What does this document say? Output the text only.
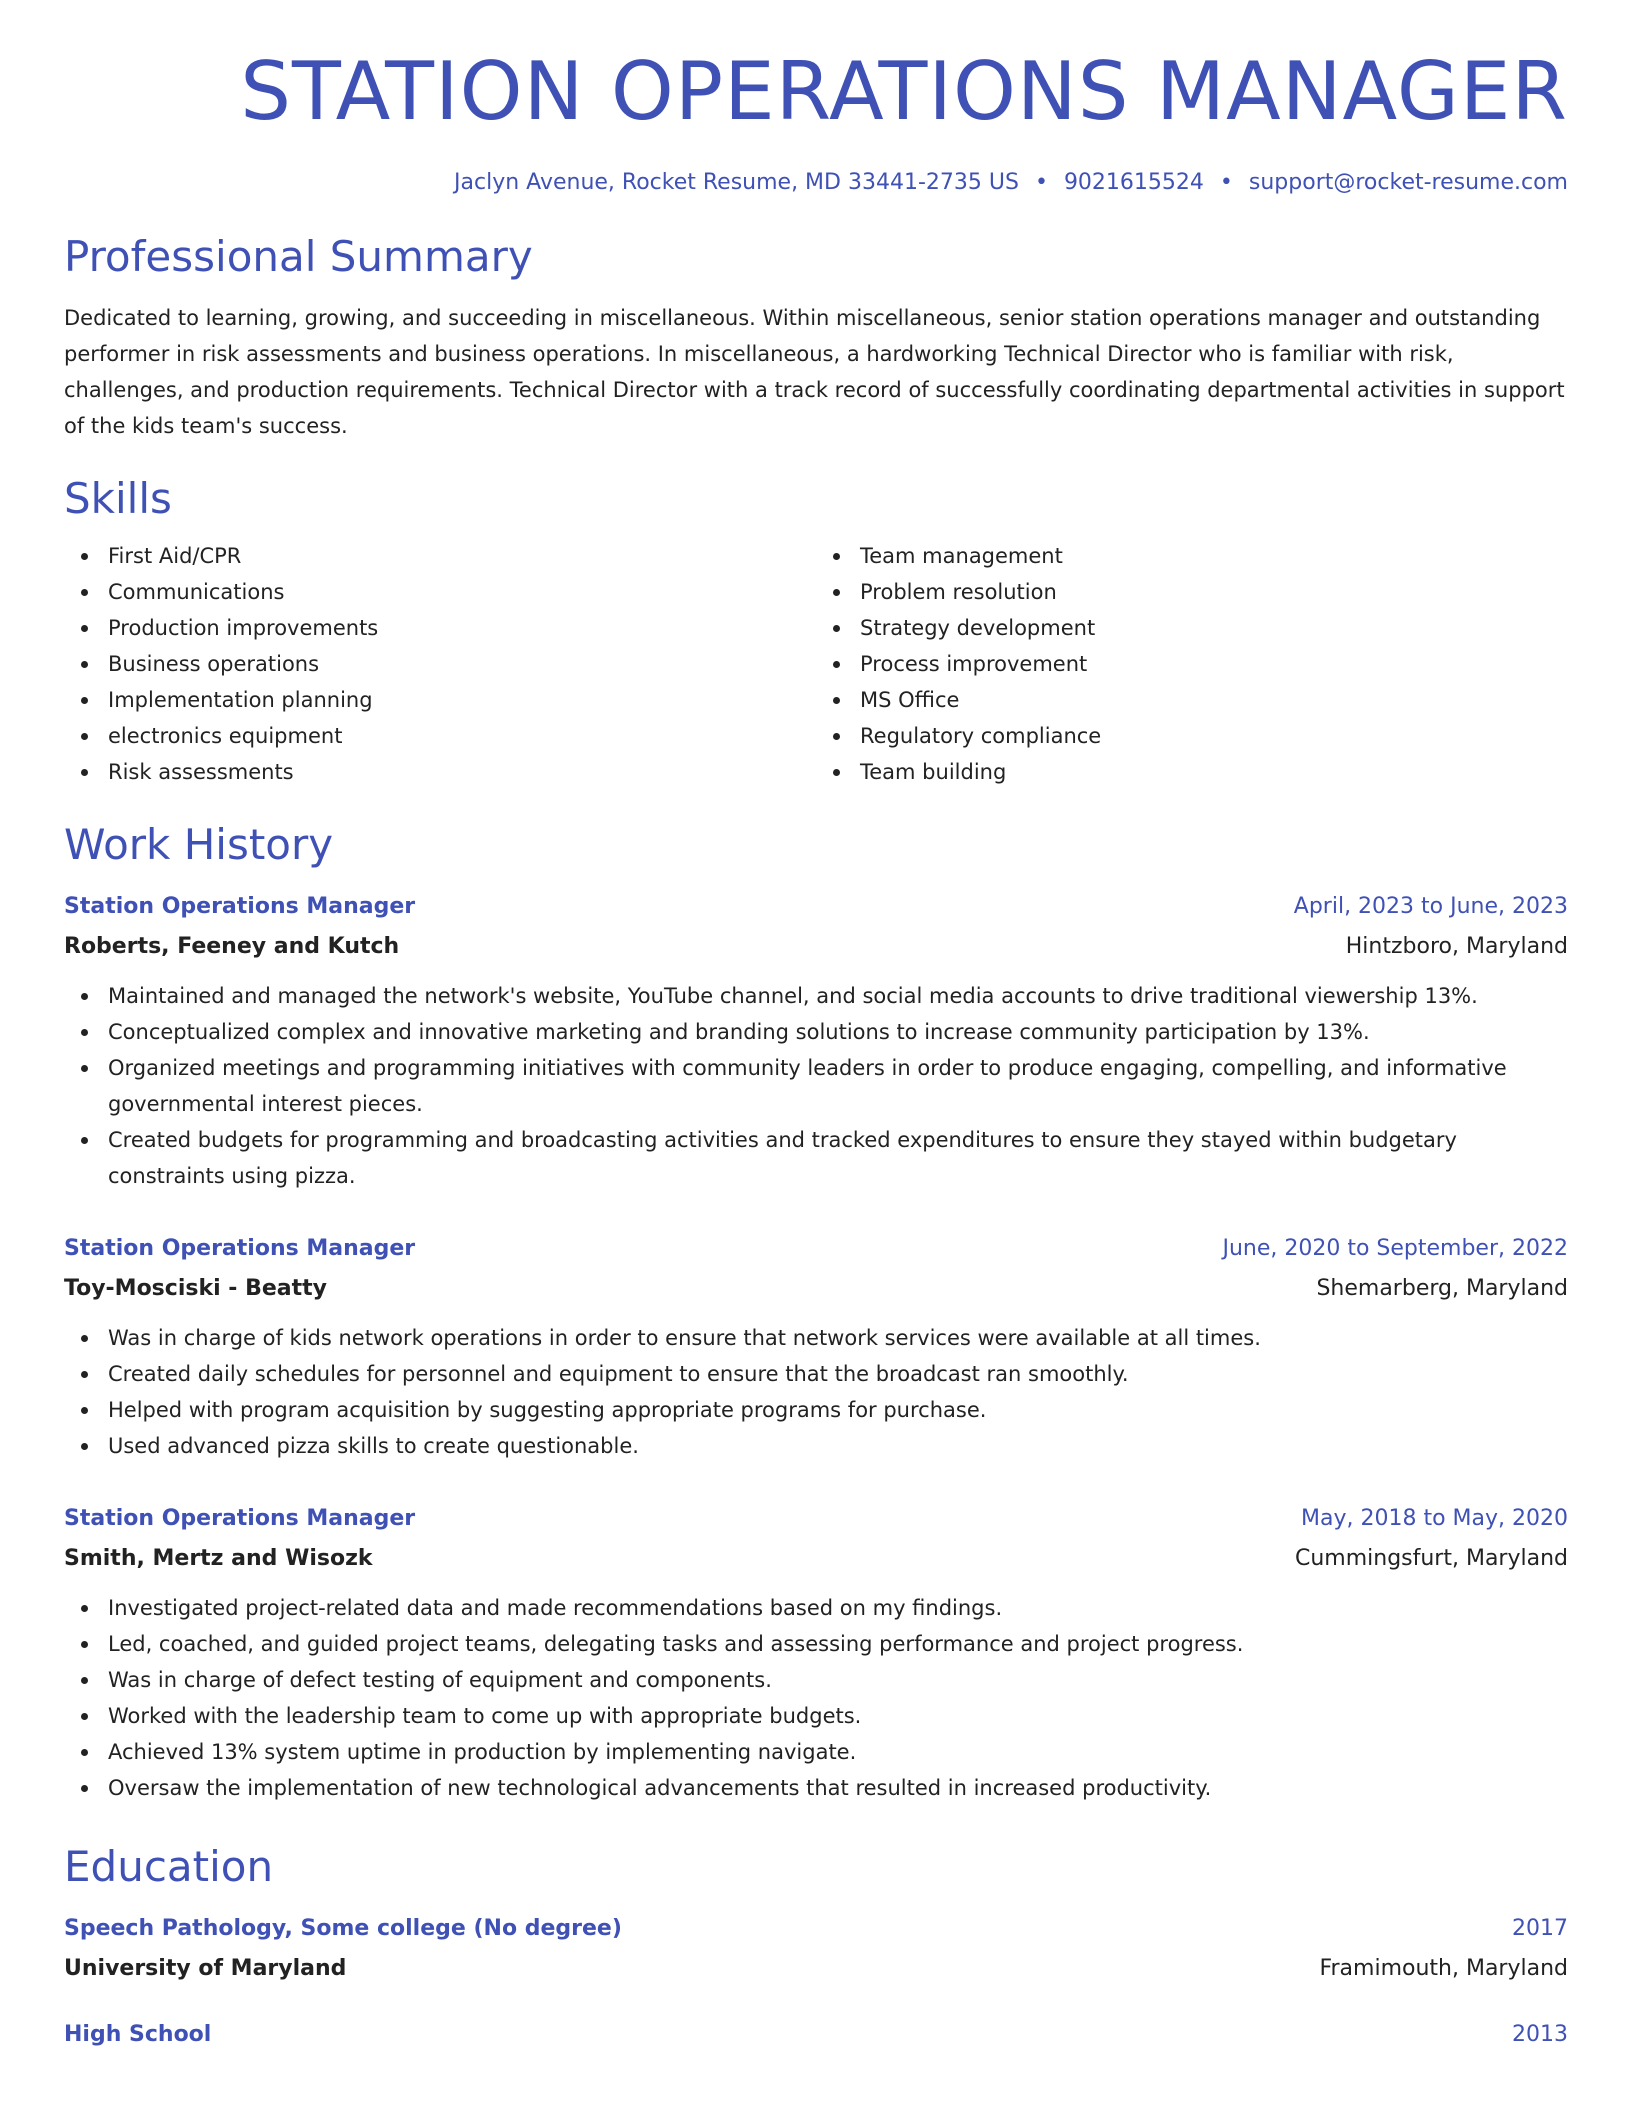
STATION OPERATIONS MANAGER
Jaclyn Avenue, Rocket Resume, MD 33441-2735 US • 9021615524 • support@rocket-resume.com
Professional Summary
Dedicated to learning, growing, and succeeding in miscellaneous. Within miscellaneous, senior station operations manager and outstanding performer in risk assessments and business operations. In miscellaneous, a hardworking Technical Director who is familiar with risk, challenges, and production requirements. Technical Director with a track record of successfully coordinating departmental activities in support of the kids team's success.
Skills
First Aid/CPR
Communications
Production improvements
Business operations
Implementation planning
electronics equipment
Risk assessments
Team management
Problem resolution
Strategy development
Process improvement
MS Office
Regulatory compliance
Team building
Work History
Station Operations Manager	April, 2023 to June, 2023
Roberts, Feeney and Kutch	Hintzboro, Maryland
Maintained and managed the network's website, YouTube channel, and social media accounts to drive traditional viewership 13%.
Conceptualized complex and innovative marketing and branding solutions to increase community participation by 13%.
Organized meetings and programming initiatives with community leaders in order to produce engaging, compelling, and informative governmental interest pieces.
Created budgets for programming and broadcasting activities and tracked expenditures to ensure they stayed within budgetary constraints using pizza.
Station Operations Manager	June, 2020 to September, 2022
Toy-Mosciski - Beatty	Shemarberg, Maryland
Was in charge of kids network operations in order to ensure that network services were available at all times.
Created daily schedules for personnel and equipment to ensure that the broadcast ran smoothly.
Helped with program acquisition by suggesting appropriate programs for purchase.
Used advanced pizza skills to create questionable.
Station Operations Manager	May, 2018 to May, 2020
Smith, Mertz and Wisozk	Cummingsfurt, Maryland
Investigated project-related data and made recommendations based on my findings.
Led, coached, and guided project teams, delegating tasks and assessing performance and project progress.
Was in charge of defect testing of equipment and components.
Worked with the leadership team to come up with appropriate budgets.
Achieved 13% system uptime in production by implementing navigate.
Oversaw the implementation of new technological advancements that resulted in increased productivity.
Education
Speech Pathology, Some college (No degree)	2017
University of Maryland	Framimouth, Maryland
High School	2013
